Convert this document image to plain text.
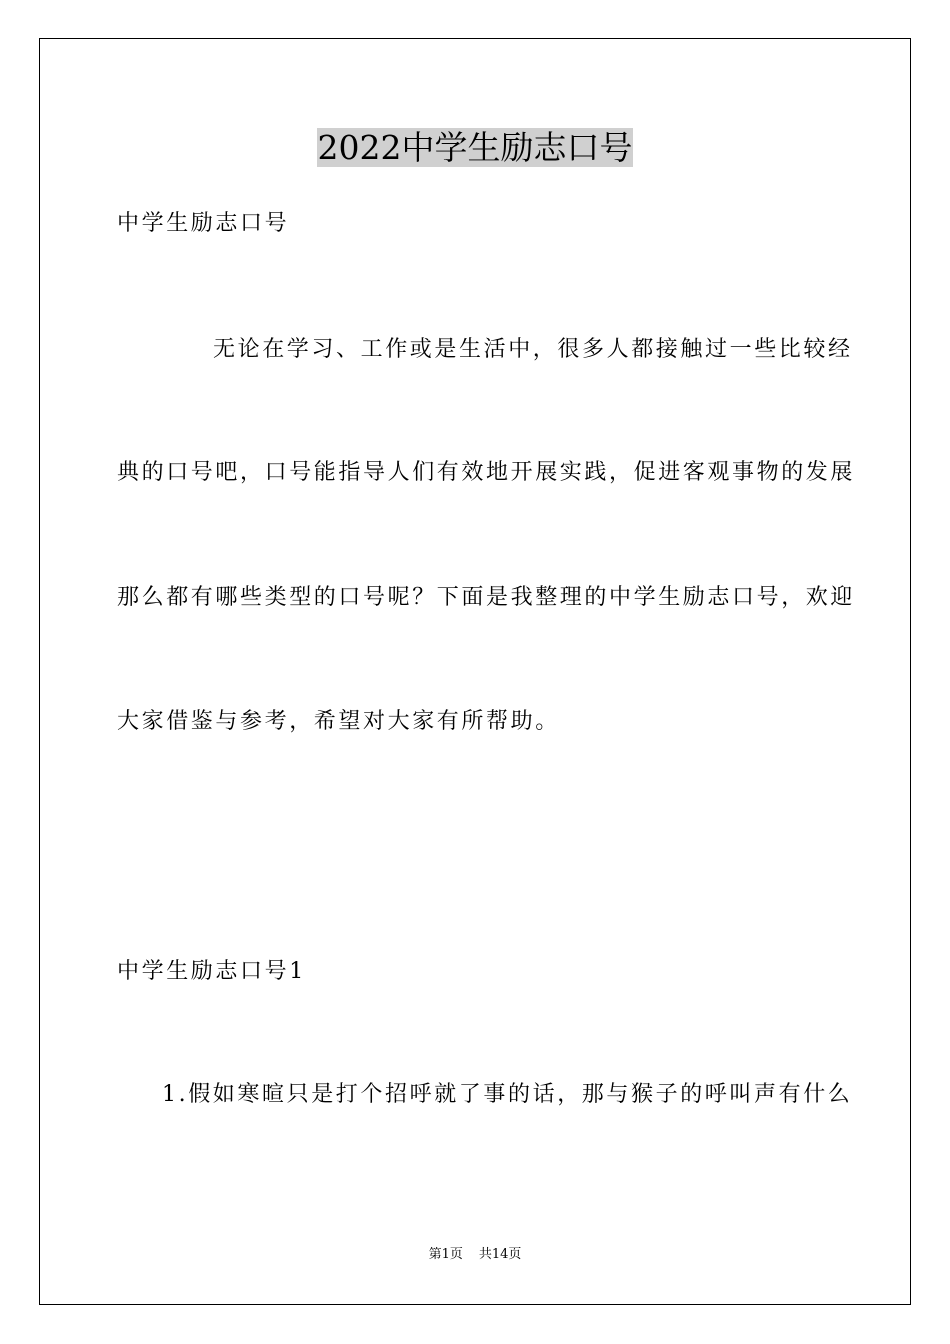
2022中学生励志口号
中学生励志口号
无论在学习、工作或是生活中，很多人都接触过一些比较经
典的口号吧，口号能指导人们有效地开展实践，促进客观事物的发展
那么都有哪些类型的口号呢？下面是我整理的中学生励志口号，欢迎
大家借鉴与参考，希望对大家有所帮助。
中学生励志口号1
1.假如寒暄只是打个招呼就了事的话，那与猴子的呼叫声有什么
第1页 共14页
